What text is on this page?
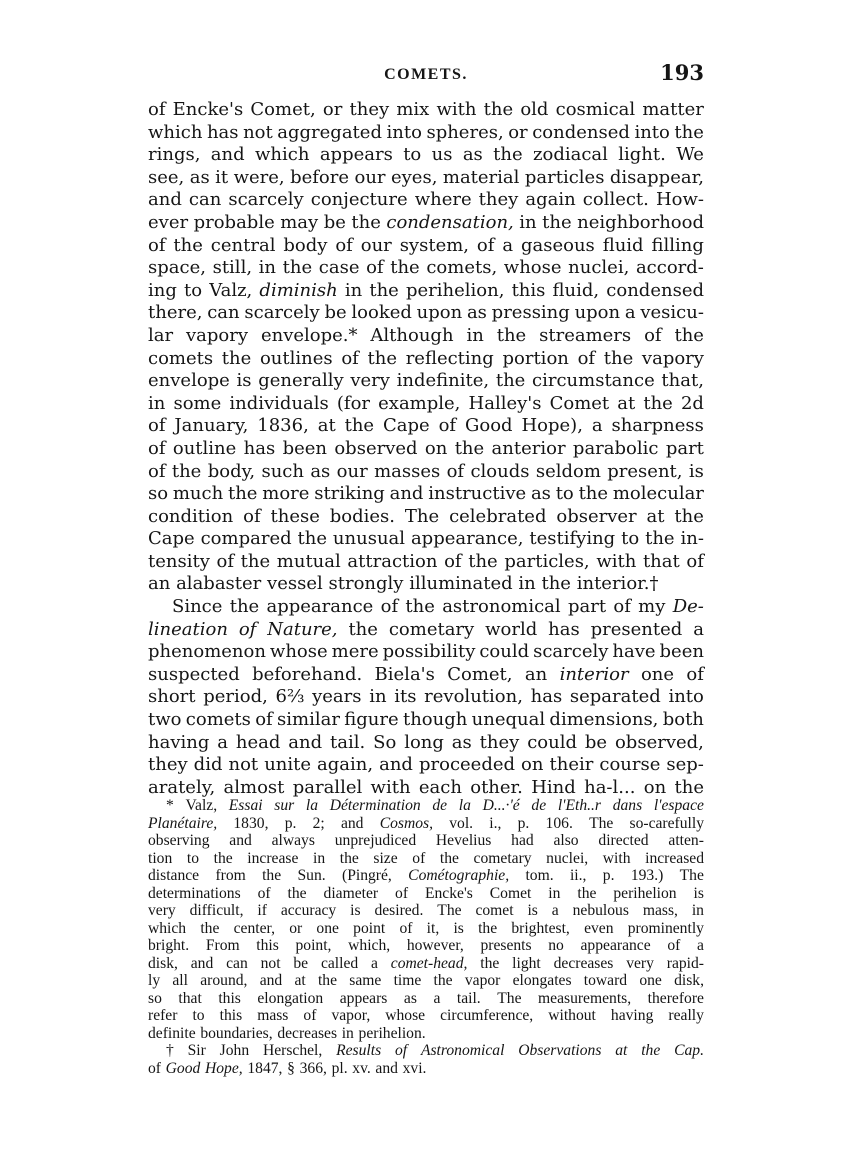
COMETS.	193
of Encke's Comet, or they mix with the old cosmical matter
which has not aggregated into spheres, or condensed into the
rings, and which appears to us as the zodiacal light. We
see, as it were, before our eyes, material particles disappear,
and can scarcely conjecture where they again collect. How-
ever probable may be the condensation, in the neighborhood
of the central body of our system, of a gaseous fluid filling
space, still, in the case of the comets, whose nuclei, accord-
ing to Valz, diminish in the perihelion, this fluid, condensed
there, can scarcely be looked upon as pressing upon a vesicu-
lar vapory envelope.* Although in the streamers of the
comets the outlines of the reflecting portion of the vapory
envelope is generally very indefinite, the circumstance that,
in some individuals (for example, Halley's Comet at the 2d
of January, 1836, at the Cape of Good Hope), a sharpness
of outline has been observed on the anterior parabolic part
of the body, such as our masses of clouds seldom present, is
so much the more striking and instructive as to the molecular
condition of these bodies. The celebrated observer at the
Cape compared the unusual appearance, testifying to the in-
tensity of the mutual attraction of the particles, with that of
an alabaster vessel strongly illuminated in the interior.†
Since the appearance of the astronomical part of my De-
lineation of Nature, the cometary world has presented a
phenomenon whose mere possibility could scarcely have been
suspected beforehand. Biela's Comet, an interior one of
short period, 6⅔ years in its revolution, has separated into
two comets of similar figure though unequal dimensions, both
having a head and tail. So long as they could be observed,
they did not unite again, and proceeded on their course sep-
arately, almost parallel with each other. Hind ha-l... on the
* Valz, Essai sur la Détermination de la D...·'é de l'Eth..r dans l'espace
Planétaire, 1830, p. 2; and Cosmos, vol. i., p. 106. The so-carefully
observing and always unprejudiced Hevelius had also directed atten-
tion to the increase in the size of the cometary nuclei, with increased
distance from the Sun. (Pingré, Cométographie, tom. ii., p. 193.) The
determinations of the diameter of Encke's Comet in the perihelion is
very difficult, if accuracy is desired. The comet is a nebulous mass, in
which the center, or one point of it, is the brightest, even prominently
bright. From this point, which, however, presents no appearance of a
disk, and can not be called a comet-head, the light decreases very rapid-
ly all around, and at the same time the vapor elongates toward one disk,
so that this elongation appears as a tail. The measurements, therefore
refer to this mass of vapor, whose circumference, without having really
definite boundaries, decreases in perihelion.
† Sir John Herschel, Results of Astronomical Observations at the Cap.
of Good Hope, 1847, § 366, pl. xv. and xvi.
